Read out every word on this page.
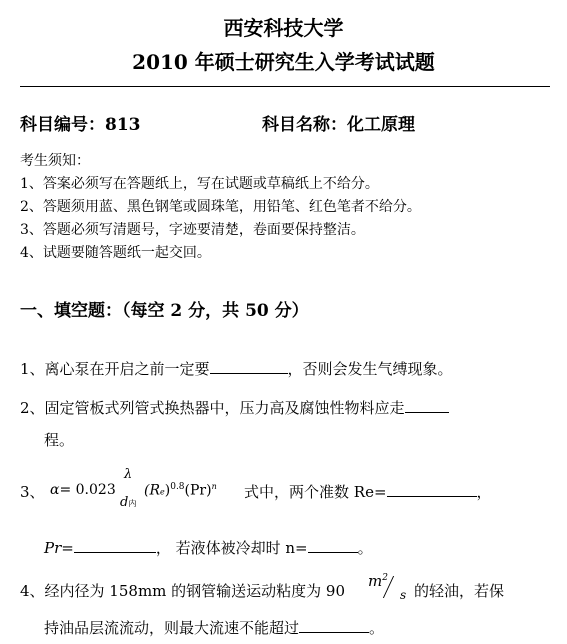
西安科技大学
2010 年硕士研究生入学考试试题
科目编号：813	科目名称：化工原理
考生须知：
1、答案必须写在答题纸上，写在试题或草稿纸上不给分。
2、答题须用蓝、黑色钢笔或圆珠笔，用铅笔、红色笔者不给分。
3、答题必须写清题号，字迹要清楚，卷面要保持整洁。
4、试题要随答题纸一起交回。
一、填空题：（每空 2 分，共 50 分）
1、离心泵在开启之前一定要	，否则会发生气缚现象。
2、固定管板式列管式换热器中，压力高及腐蚀性物料应走
程。
3、 α= 0.023
λ
d内
$(Re)^{0.8}(Pr)^n$ 式中，两个准数 Re=	，
Pr=	， 若液体被冷却时 n=	。
4、经内径为 158mm 的钢管输送运动粘度为 90
$m^2$
s 的轻油，若保
持油品层流流动，则最大流速不能超过	。
